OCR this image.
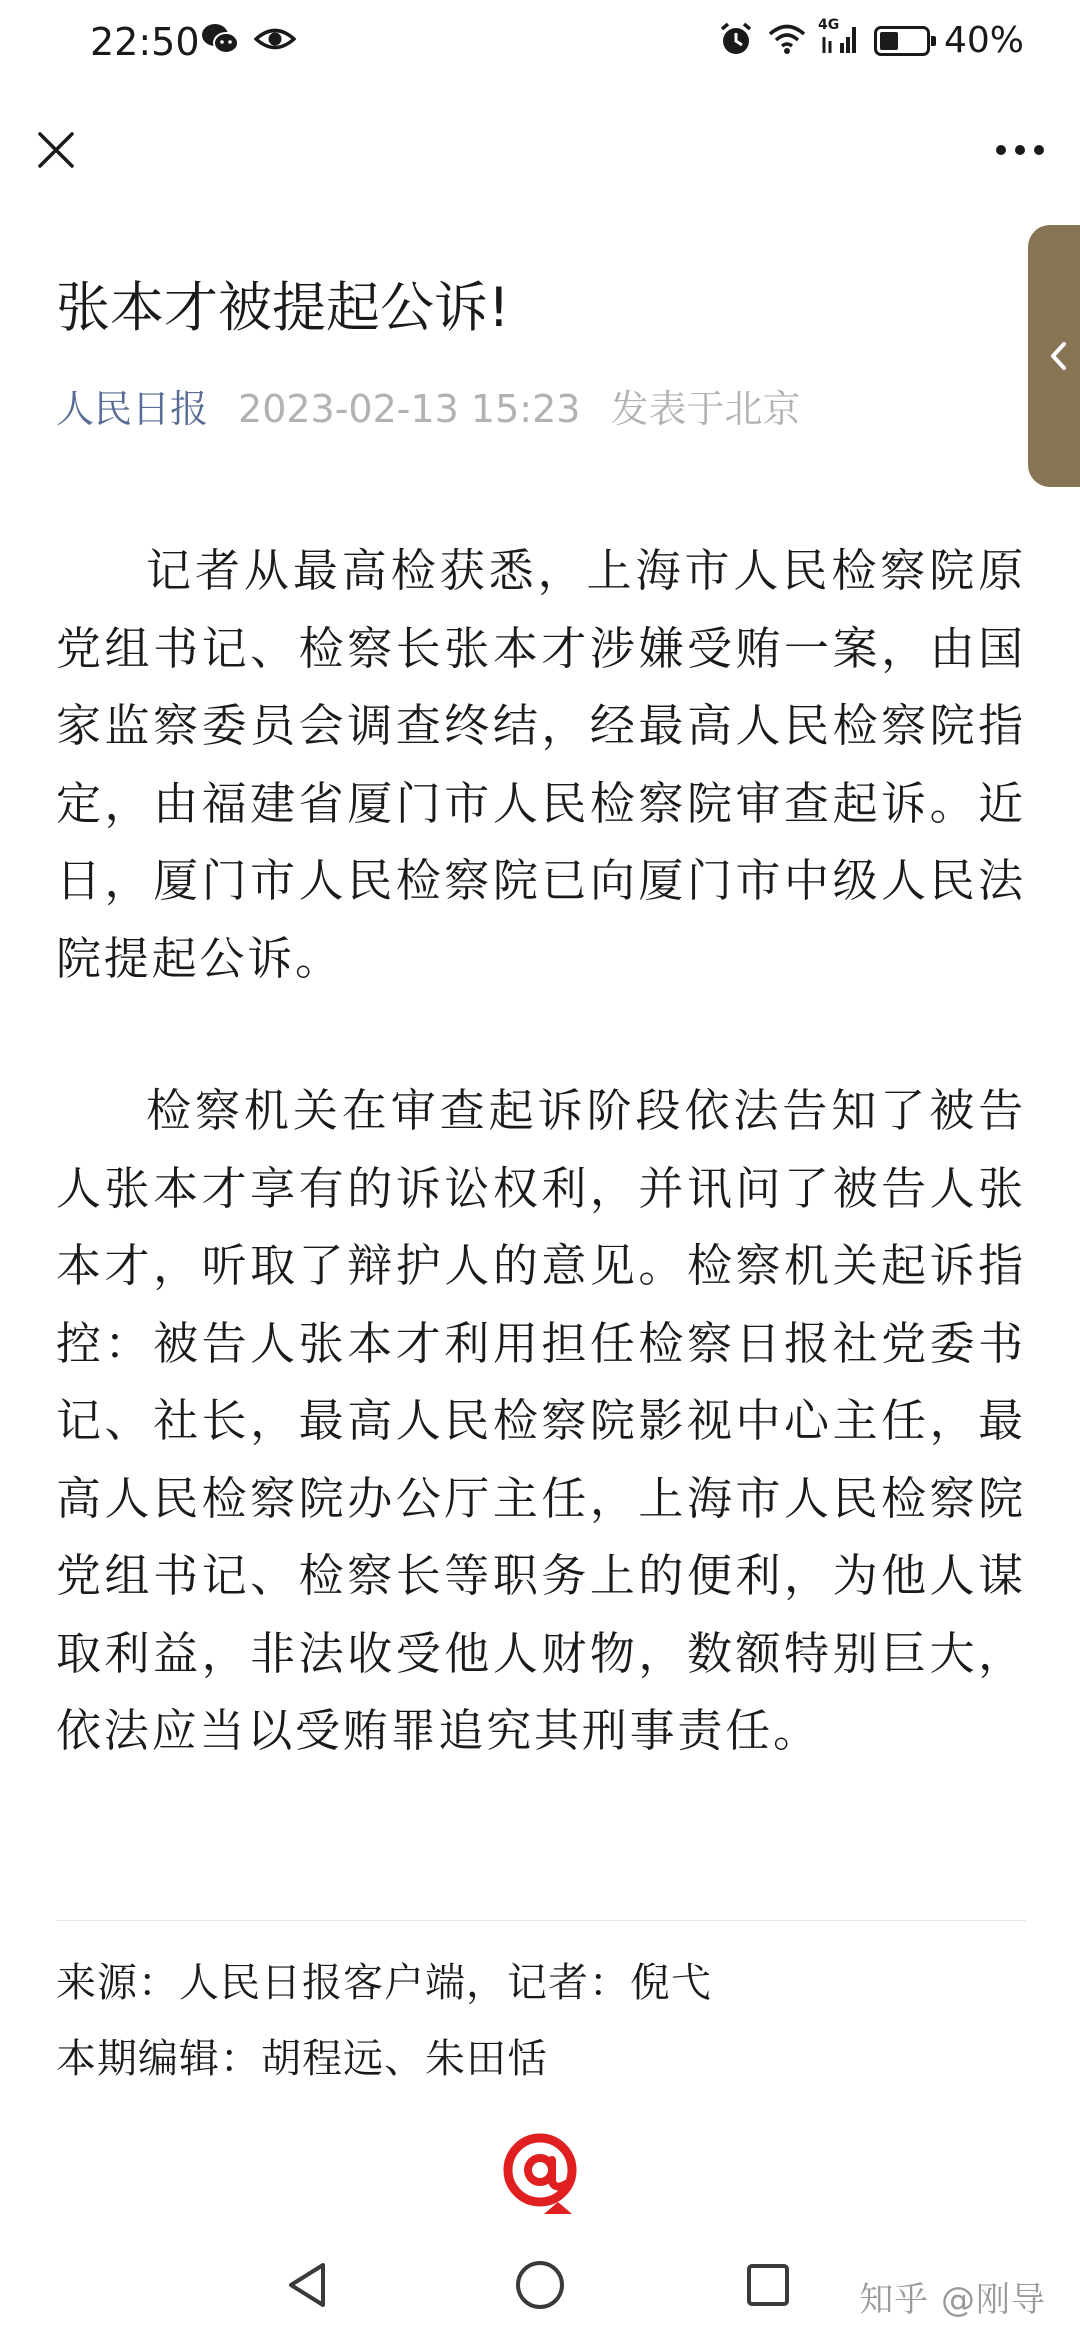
22:50	4G	40%
张本才被提起公诉!
人民日报 2023-02-13 15:23 发表于北京

记者从最高检获悉，上海市人民检察院原党组书记、检察长张本才涉嫌受贿一案，由国家监察委员会调查终结，经最高人民检察院指定，由福建省厦门市人民检察院审查起诉。近日，厦门市人民检察院已向厦门市中级人民法院提起公诉。

检察机关在审查起诉阶段依法告知了被告人张本才享有的诉讼权利，并讯问了被告人张本才，听取了辩护人的意见。检察机关起诉指控：被告人张本才利用担任检察日报社党委书记、社长，最高人民检察院影视中心主任，最高人民检察院办公厅主任，上海市人民检察院党组书记、检察长等职务上的便利，为他人谋取利益，非法收受他人财物，数额特别巨大，依法应当以受贿罪追究其刑事责任。

来源：人民日报客户端，记者：倪弋
本期编辑：胡程远、朱田恬
知乎 @刚导
